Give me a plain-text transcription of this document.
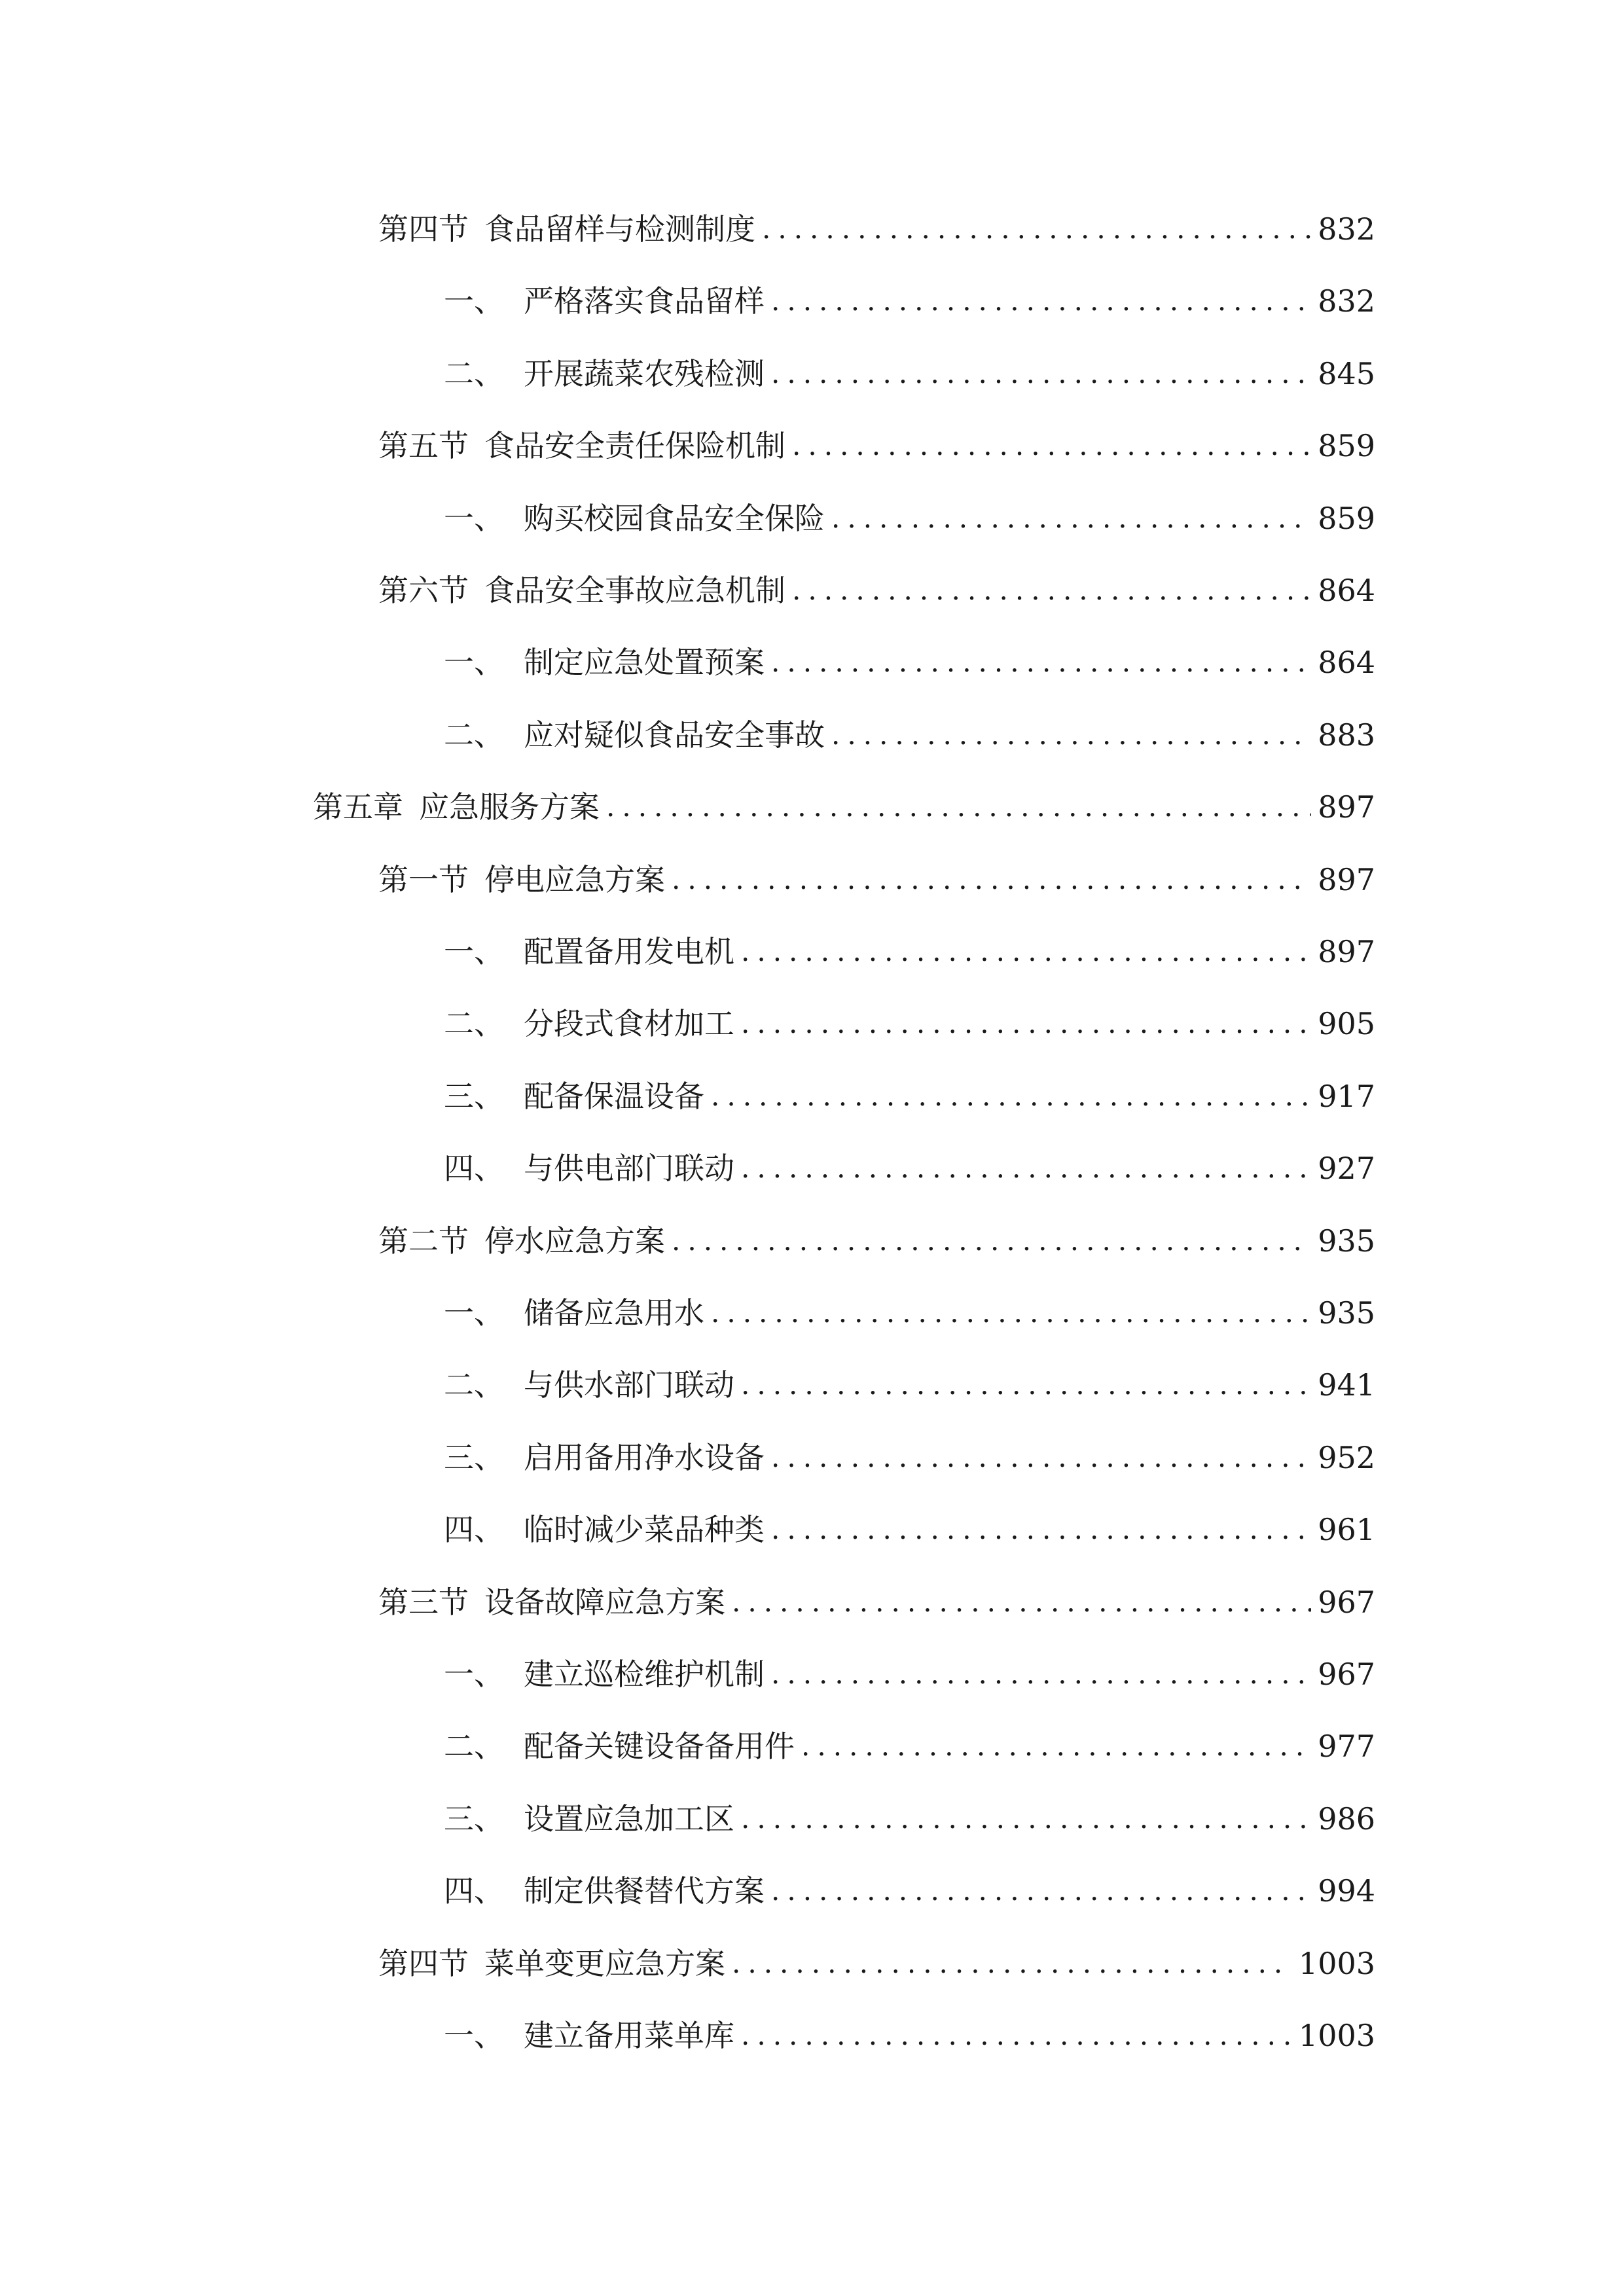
第四节 食品留样与检测制度 .....	832
一、 严格落实食品留样 .....	832
二、 开展蔬菜农残检测 .....	845
第五节 食品安全责任保险机制 .....	859
一、 购买校园食品安全保险 .....	859
第六节 食品安全事故应急机制 .....	864
一、 制定应急处置预案 .....	864
二、 应对疑似食品安全事故 .....	883
第五章 应急服务方案 .....	897
第一节 停电应急方案 .....	897
一、 配置备用发电机 .....	897
二、 分段式食材加工 .....	905
三、 配备保温设备 .....	917
四、 与供电部门联动 .....	927
第二节 停水应急方案 .....	935
一、 储备应急用水 .....	935
二、 与供水部门联动 .....	941
三、 启用备用净水设备 .....	952
四、 临时减少菜品种类 .....	961
第三节 设备故障应急方案 .....	967
一、 建立巡检维护机制 .....	967
二、 配备关键设备备用件 .....	977
三、 设置应急加工区 .....	986
四、 制定供餐替代方案 .....	994
第四节 菜单变更应急方案 .....	1003
一、 建立备用菜单库 .....	1003
